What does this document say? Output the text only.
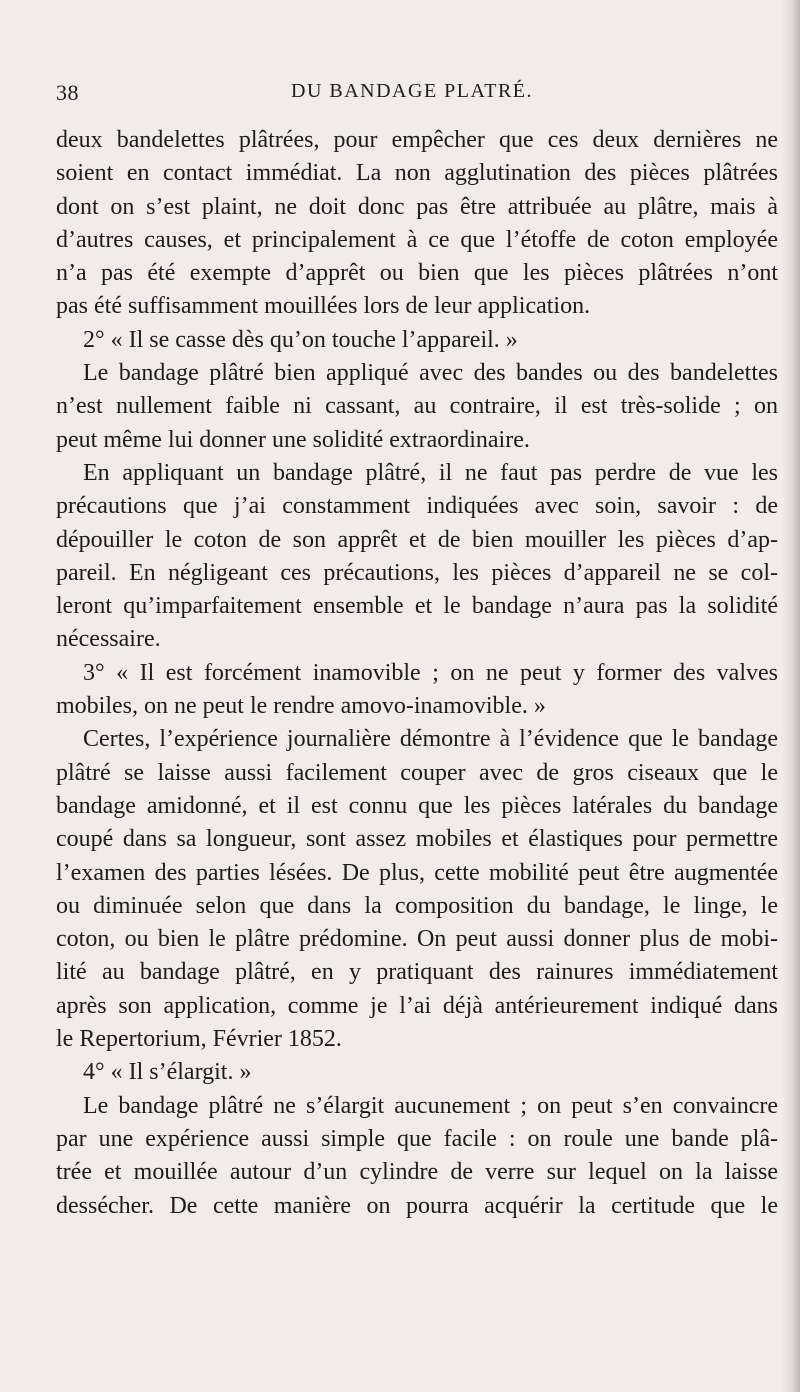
38	DU BANDAGE PLATRÉ.
deux bandelettes plâtrées, pour empêcher que ces deux dernières ne
soient en contact immédiat. La non agglutination des pièces plâtrées
dont on s’est plaint, ne doit donc pas être attribuée au plâtre, mais à
d’autres causes, et principalement à ce que l’étoffe de coton employée
n’a pas été exempte d’apprêt ou bien que les pièces plâtrées n’ont
pas été suffisamment mouillées lors de leur application.
2° « Il se casse dès qu’on touche l’appareil. »
Le bandage plâtré bien appliqué avec des bandes ou des bandelettes
n’est nullement faible ni cassant, au contraire, il est très-solide ; on
peut même lui donner une solidité extraordinaire.
En appliquant un bandage plâtré, il ne faut pas perdre de vue les
précautions que j’ai constamment indiquées avec soin, savoir : de
dépouiller le coton de son apprêt et de bien mouiller les pièces d’ap-
pareil. En négligeant ces précautions, les pièces d’appareil ne se col-
leront qu’imparfaitement ensemble et le bandage n’aura pas la solidité
nécessaire.
3° « Il est forcément inamovible ; on ne peut y former des valves
mobiles, on ne peut le rendre amovo-inamovible. »
Certes, l’expérience journalière démontre à l’évidence que le bandage
plâtré se laisse aussi facilement couper avec de gros ciseaux que le
bandage amidonné, et il est connu que les pièces latérales du bandage
coupé dans sa longueur, sont assez mobiles et élastiques pour permettre
l’examen des parties lésées. De plus, cette mobilité peut être augmentée
ou diminuée selon que dans la composition du bandage, le linge, le
coton, ou bien le plâtre prédomine. On peut aussi donner plus de mobi-
lité au bandage plâtré, en y pratiquant des rainures immédiatement
après son application, comme je l’ai déjà antérieurement indiqué dans
le Repertorium, Février 1852.
4° « Il s’élargit. »
Le bandage plâtré ne s’élargit aucunement ; on peut s’en convaincre
par une expérience aussi simple que facile : on roule une bande plâ-
trée et mouillée autour d’un cylindre de verre sur lequel on la laisse
dessécher. De cette manière on pourra acquérir la certitude que le
